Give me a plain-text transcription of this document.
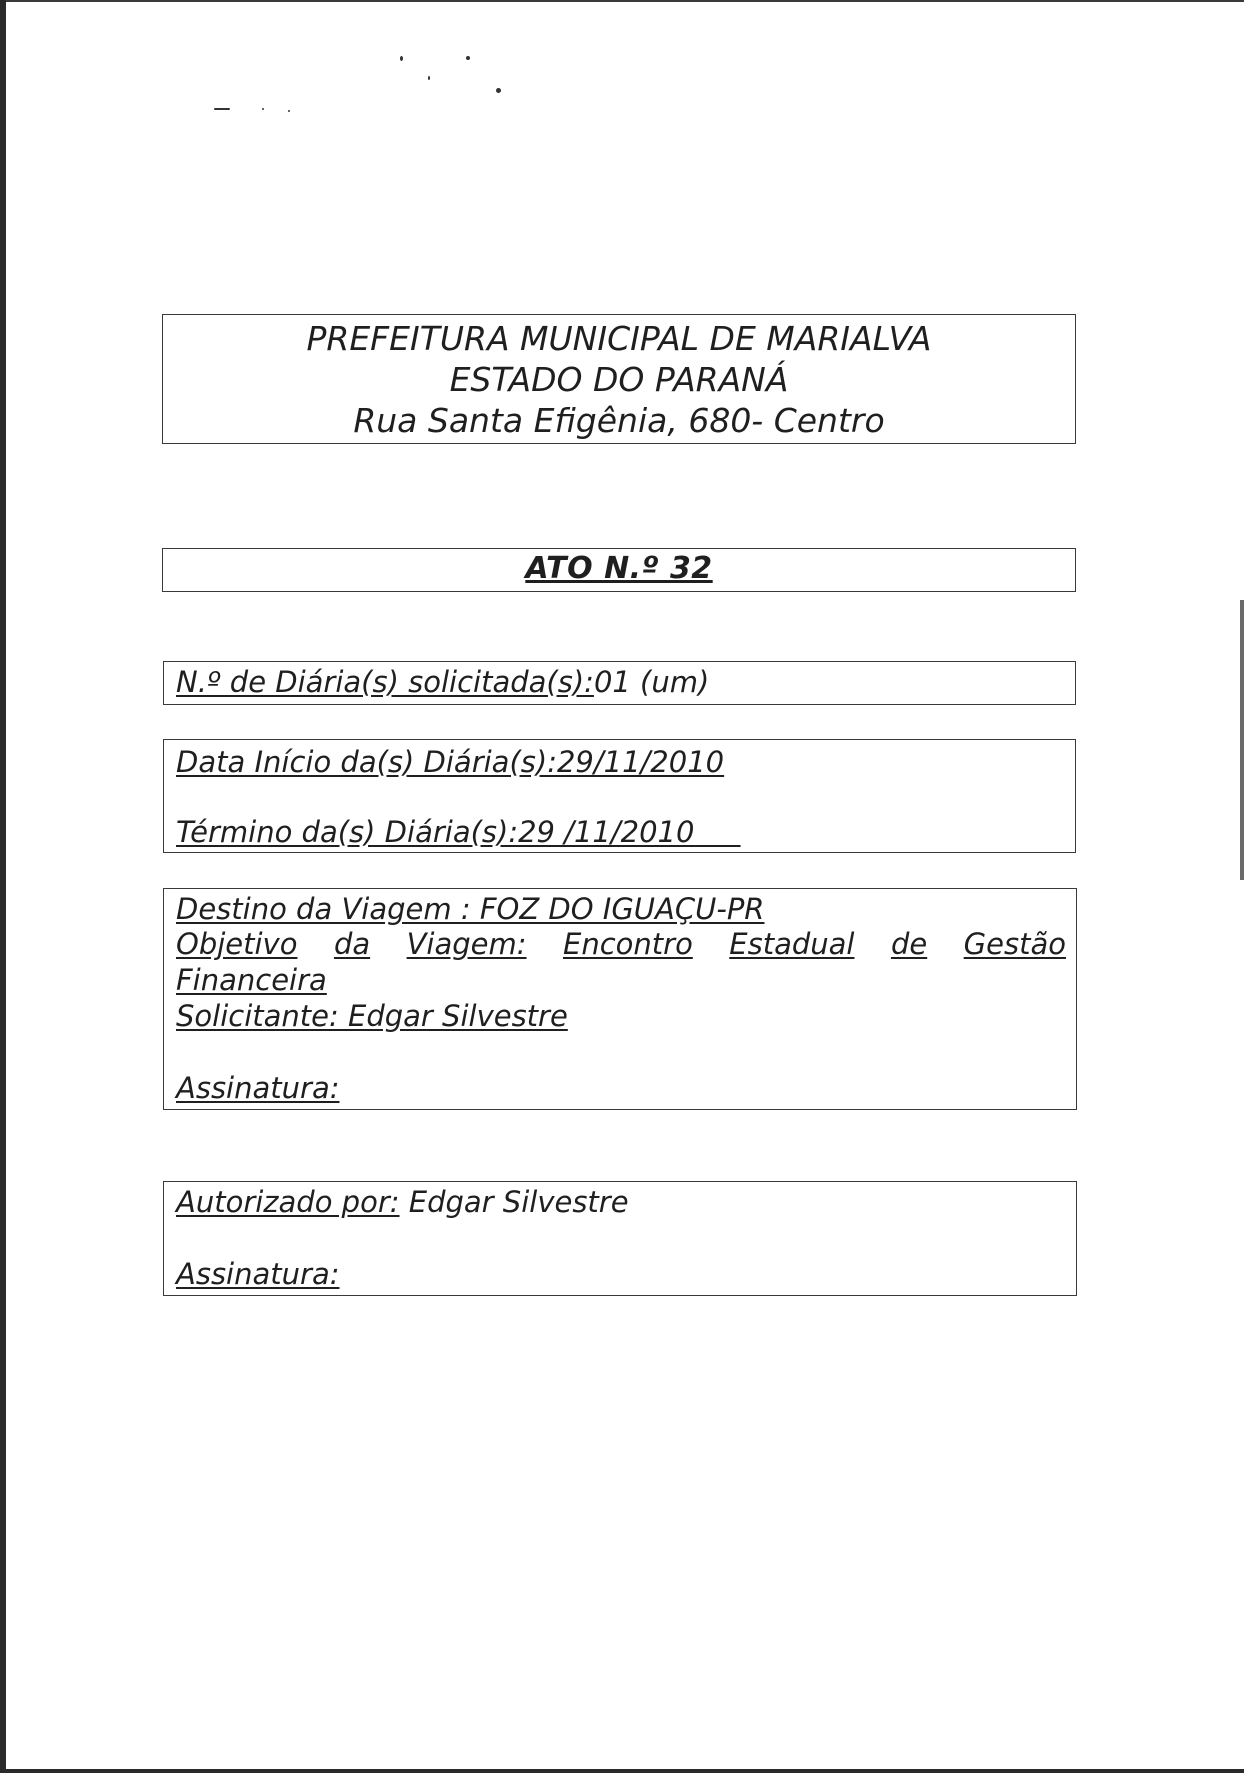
PREFEITURA MUNICIPAL DE MARIALVA
ESTADO DO PARANÁ
Rua Santa Efigênia, 680- Centro
ATO N.º 32
N.º de Diária(s) solicitada(s):01 (um)
Data Início da(s) Diária(s):29/11/2010
Término da(s) Diária(s):29 /11/2010
Destino da Viagem : FOZ DO IGUAÇU-PR
Objetivo da Viagem: Encontro Estadual de Gestão
Financeira
Solicitante: Edgar Silvestre
Assinatura:
Autorizado por: Edgar Silvestre
Assinatura:
